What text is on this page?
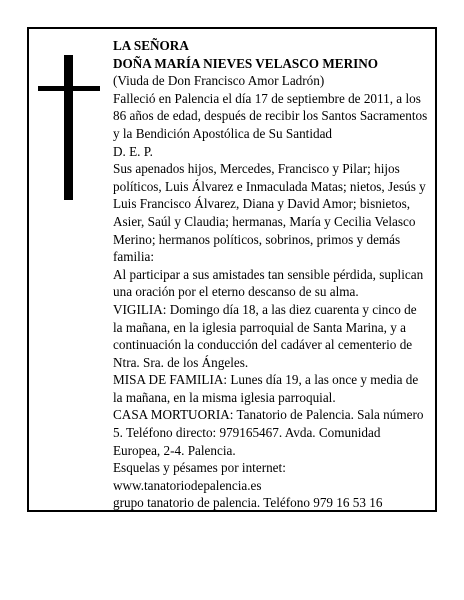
LA SEÑORA

DOÑA MARÍA NIEVES VELASCO MERINO

(Viuda de Don Francisco Amor Ladrón)

Falleció en Palencia el día 17 de septiembre de 2011, a los 86 años de edad, después de recibir los Santos Sacramentos y la Bendición Apostólica de Su Santidad

D. E. P.

Sus apenados hijos, Mercedes, Francisco y Pilar; hijos políticos, Luis Álvarez e Inmaculada Matas; nietos, Jesús y Luis Francisco Álvarez, Diana y David Amor; bisnietos, Asier, Saúl y Claudia; hermanas, María y Cecilia Velasco Merino; hermanos políticos, sobrinos, primos y demás familia:

Al participar a sus amistades tan sensible pérdida, suplican una oración por el eterno descanso de su alma.

VIGILIA: Domingo día 18, a las diez cuarenta y cinco de la mañana, en la iglesia parroquial de Santa Marina, y a continuación la conducción del cadáver al cementerio de Ntra. Sra. de los Ángeles.

MISA DE FAMILIA: Lunes día 19, a las once y media de la mañana, en la misma iglesia parroquial.

CASA MORTUORIA: Tanatorio de Palencia. Sala número 5. Teléfono directo: 979165467. Avda. Comunidad Europea, 2-4. Palencia.

Esquelas y pésames por internet:

www.tanatoriodepalencia.es

grupo tanatorio de palencia. Teléfono 979 16 53 16
